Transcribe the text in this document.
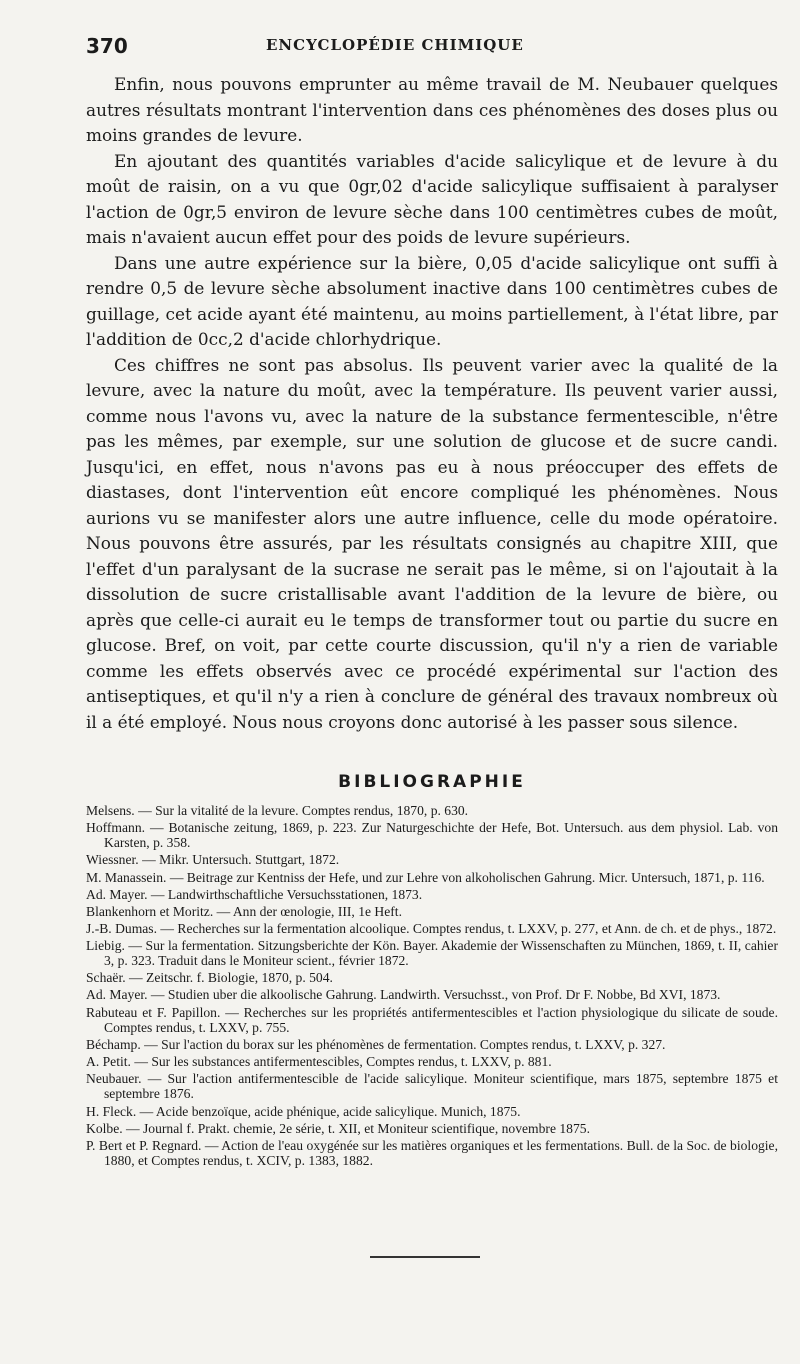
370	ENCYCLOPÉDIE CHIMIQUE

Enfin, nous pouvons emprunter au même travail de M. Neubauer quelques autres résultats montrant l'intervention dans ces phénomènes des doses plus ou moins grandes de levure.

En ajoutant des quantités variables d'acide salicylique et de levure à du moût de raisin, on a vu que 0gr,02 d'acide salicylique suffisaient à paralyser l'action de 0gr,5 environ de levure sèche dans 100 centimètres cubes de moût, mais n'avaient aucun effet pour des poids de levure supérieurs.

Dans une autre expérience sur la bière, 0,05 d'acide salicylique ont suffi à rendre 0,5 de levure sèche absolument inactive dans 100 centimètres cubes de guillage, cet acide ayant été maintenu, au moins partiellement, à l'état libre, par l'addition de 0cc,2 d'acide chlorhydrique.

Ces chiffres ne sont pas absolus. Ils peuvent varier avec la qualité de la levure, avec la nature du moût, avec la température. Ils peuvent varier aussi, comme nous l'avons vu, avec la nature de la substance fermentescible, n'être pas les mêmes, par exemple, sur une solution de glucose et de sucre candi. Jusqu'ici, en effet, nous n'avons pas eu à nous préoccuper des effets de diastases, dont l'intervention eût encore compliqué les phénomènes. Nous aurions vu se manifester alors une autre influence, celle du mode opératoire. Nous pouvons être assurés, par les résultats consignés au chapitre XIII, que l'effet d'un paralysant de la sucrase ne serait pas le même, si on l'ajoutait à la dissolution de sucre cristallisable avant l'addition de la levure de bière, ou après que celle-ci aurait eu le temps de transformer tout ou partie du sucre en glucose. Bref, on voit, par cette courte discussion, qu'il n'y a rien de variable comme les effets observés avec ce procédé expérimental sur l'action des antiseptiques, et qu'il n'y a rien à conclure de général des travaux nombreux où il a été employé. Nous nous croyons donc autorisé à les passer sous silence.

BIBLIOGRAPHIE
Melsens. — Sur la vitalité de la levure. Comptes rendus, 1870, p. 630.
Hoffmann. — Botanische zeitung, 1869, p. 223. Zur Naturgeschichte der Hefe, Bot. Untersuch. aus dem physiol. Lab. von Karsten, p. 358.
Wiessner. — Mikr. Untersuch. Stuttgart, 1872.
M. Manassein. — Beitrage zur Kentniss der Hefe, und zur Lehre von alkoholischen Gahrung. Micr. Untersuch, 1871, p. 116.
Ad. Mayer. — Landwirthschaftliche Versuchsstationen, 1873.
Blankenhorn et Moritz. — Ann der œnologie, III, 1e Heft.
J.-B. Dumas. — Recherches sur la fermentation alcoolique. Comptes rendus, t. LXXV, p. 277, et Ann. de ch. et de phys., 1872.
Liebig. — Sur la fermentation. Sitzungsberichte der Kön. Bayer. Akademie der Wissenschaften zu München, 1869, t. II, cahier 3, p. 323. Traduit dans le Moniteur scient., février 1872.
Schaër. — Zeitschr. f. Biologie, 1870, p. 504.
Ad. Mayer. — Studien uber die alkoolische Gahrung. Landwirth. Versuchsst., von Prof. Dr F. Nobbe, Bd XVI, 1873.
Rabuteau et F. Papillon. — Recherches sur les propriétés antifermentescibles et l'action physiologique du silicate de soude. Comptes rendus, t. LXXV, p. 755.
Béchamp. — Sur l'action du borax sur les phénomènes de fermentation. Comptes rendus, t. LXXV, p. 327.
A. Petit. — Sur les substances antifermentescibles, Comptes rendus, t. LXXV, p. 881.
Neubauer. — Sur l'action antifermentescible de l'acide salicylique. Moniteur scientifique, mars 1875, septembre 1875 et septembre 1876.
H. Fleck. — Acide benzoïque, acide phénique, acide salicylique. Munich, 1875.
Kolbe. — Journal f. Prakt. chemie, 2e série, t. XII, et Moniteur scientifique, novembre 1875.
P. Bert et P. Regnard. — Action de l'eau oxygénée sur les matières organiques et les fermentations. Bull. de la Soc. de biologie, 1880, et Comptes rendus, t. XCIV, p. 1383, 1882.
